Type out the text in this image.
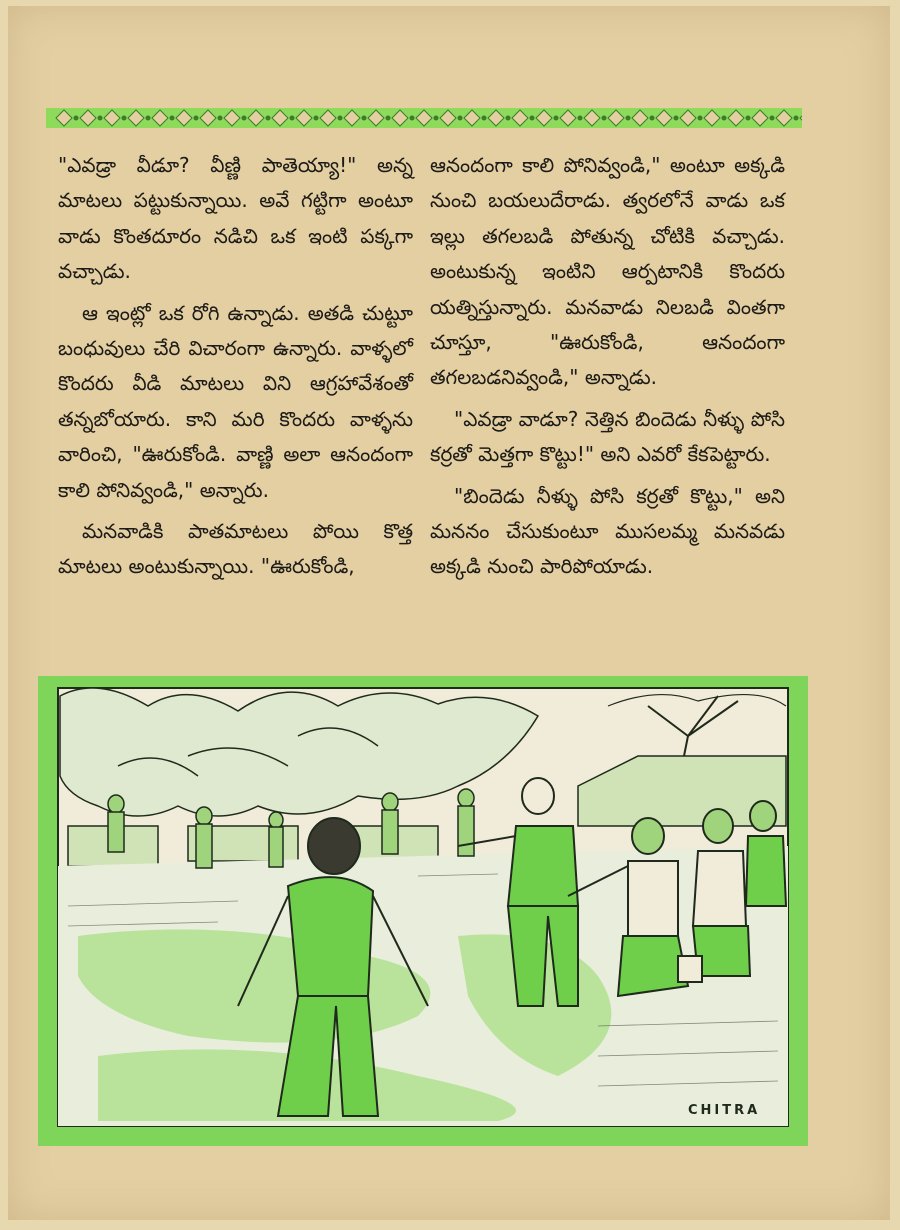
"ఎవడ్రా వీడూ? వీణ్ణి పాతెయ్యా!" అన్న మాటలు పట్టుకున్నాయి. అవే గట్టిగా అంటూ వాడు కొంతదూరం నడిచి ఒక ఇంటి పక్కగా వచ్చాడు.

ఆ ఇంట్లో ఒక రోగి ఉన్నాడు. అతడి చుట్టూ బంధువులు చేరి విచారంగా ఉన్నారు. వాళ్ళలో కొందరు వీడి మాటలు విని ఆగ్రహావేశంతో తన్నబోయారు. కాని మరి కొందరు వాళ్ళను వారించి, "ఊరుకోండి. వాణ్ణి అలా ఆనందంగా కాలి పోనివ్వండి," అన్నారు.

మనవాడికి పాతమాటలు పోయి కొత్త మాటలు అంటుకున్నాయి. "ఊరుకోండి,

ఆనందంగా కాలి పోనివ్వండి," అంటూ అక్కడి నుంచి బయలుదేరాడు. త్వరలోనే వాడు ఒక ఇల్లు తగలబడి పోతున్న చోటికి వచ్చాడు. అంటుకున్న ఇంటిని ఆర్పటానికి కొందరు యత్నిస్తున్నారు. మనవాడు నిలబడి వింతగా చూస్తూ, "ఊరుకోండి, ఆనందంగా తగలబడనివ్వండి," అన్నాడు.

"ఎవడ్రా వాడూ? నెత్తిన బిందెడు నీళ్ళు పోసి కర్రతో మెత్తగా కొట్టు!" అని ఎవరో కేకపెట్టారు.

"బిందెడు నీళ్ళు పోసి కర్రతో కొట్టు," అని మననం చేసుకుంటూ ముసలమ్మ మనవడు అక్కడి నుంచి పారిపోయాడు.

CHITRA
